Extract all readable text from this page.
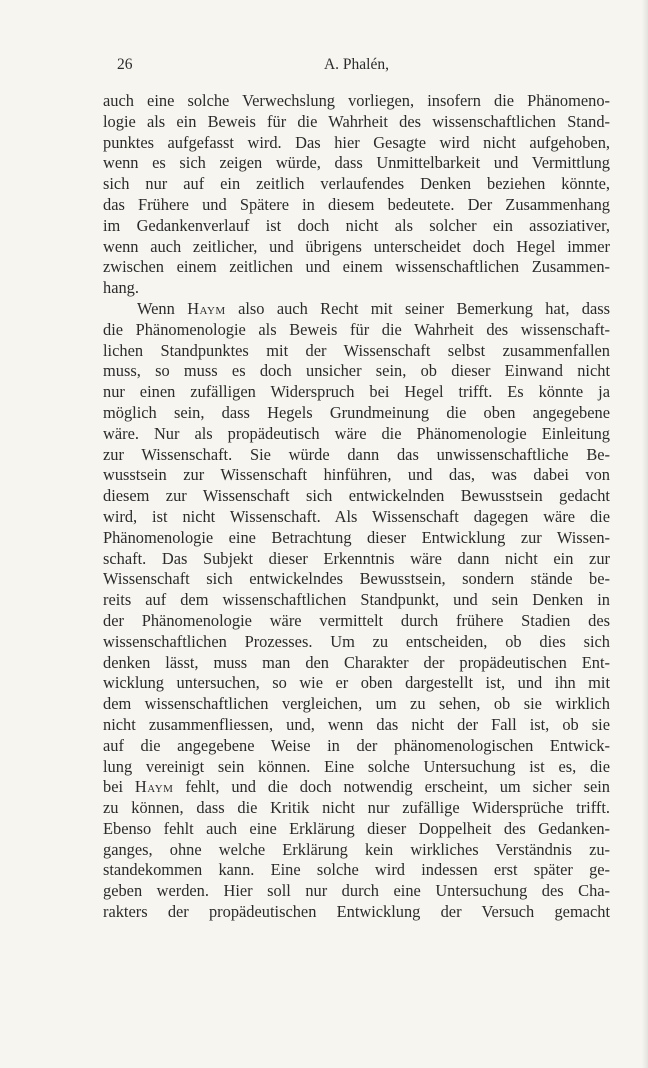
26	A. Phalén,
auch eine solche Verwechslung vorliegen, insofern die Phänomeno-
logie als ein Beweis für die Wahrheit des wissenschaftlichen Stand-
punktes aufgefasst wird. Das hier Gesagte wird nicht aufgehoben,
wenn es sich zeigen würde, dass Unmittelbarkeit und Vermittlung
sich nur auf ein zeitlich verlaufendes Denken beziehen könnte,
das Frühere und Spätere in diesem bedeutete. Der Zusammenhang
im Gedankenverlauf ist doch nicht als solcher ein assoziativer,
wenn auch zeitlicher, und übrigens unterscheidet doch Hegel immer
zwischen einem zeitlichen und einem wissenschaftlichen Zusammen-
hang.
Wenn Haym also auch Recht mit seiner Bemerkung hat, dass
die Phänomenologie als Beweis für die Wahrheit des wissenschaft-
lichen Standpunktes mit der Wissenschaft selbst zusammenfallen
muss, so muss es doch unsicher sein, ob dieser Einwand nicht
nur einen zufälligen Widerspruch bei Hegel trifft. Es könnte ja
möglich sein, dass Hegels Grundmeinung die oben angegebene
wäre. Nur als propädeutisch wäre die Phänomenologie Einleitung
zur Wissenschaft. Sie würde dann das unwissenschaftliche Be-
wusstsein zur Wissenschaft hinführen, und das, was dabei von
diesem zur Wissenschaft sich entwickelnden Bewusstsein gedacht
wird, ist nicht Wissenschaft. Als Wissenschaft dagegen wäre die
Phänomenologie eine Betrachtung dieser Entwicklung zur Wissen-
schaft. Das Subjekt dieser Erkenntnis wäre dann nicht ein zur
Wissenschaft sich entwickelndes Bewusstsein, sondern stände be-
reits auf dem wissenschaftlichen Standpunkt, und sein Denken in
der Phänomenologie wäre vermittelt durch frühere Stadien des
wissenschaftlichen Prozesses. Um zu entscheiden, ob dies sich
denken lässt, muss man den Charakter der propädeutischen Ent-
wicklung untersuchen, so wie er oben dargestellt ist, und ihn mit
dem wissenschaftlichen vergleichen, um zu sehen, ob sie wirklich
nicht zusammenfliessen, und, wenn das nicht der Fall ist, ob sie
auf die angegebene Weise in der phänomenologischen Entwick-
lung vereinigt sein können. Eine solche Untersuchung ist es, die
bei Haym fehlt, und die doch notwendig erscheint, um sicher sein
zu können, dass die Kritik nicht nur zufällige Widersprüche trifft.
Ebenso fehlt auch eine Erklärung dieser Doppelheit des Gedanken-
ganges, ohne welche Erklärung kein wirkliches Verständnis zu-
standekommen kann. Eine solche wird indessen erst später ge-
geben werden. Hier soll nur durch eine Untersuchung des Cha-
rakters der propädeutischen Entwicklung der Versuch gemacht
